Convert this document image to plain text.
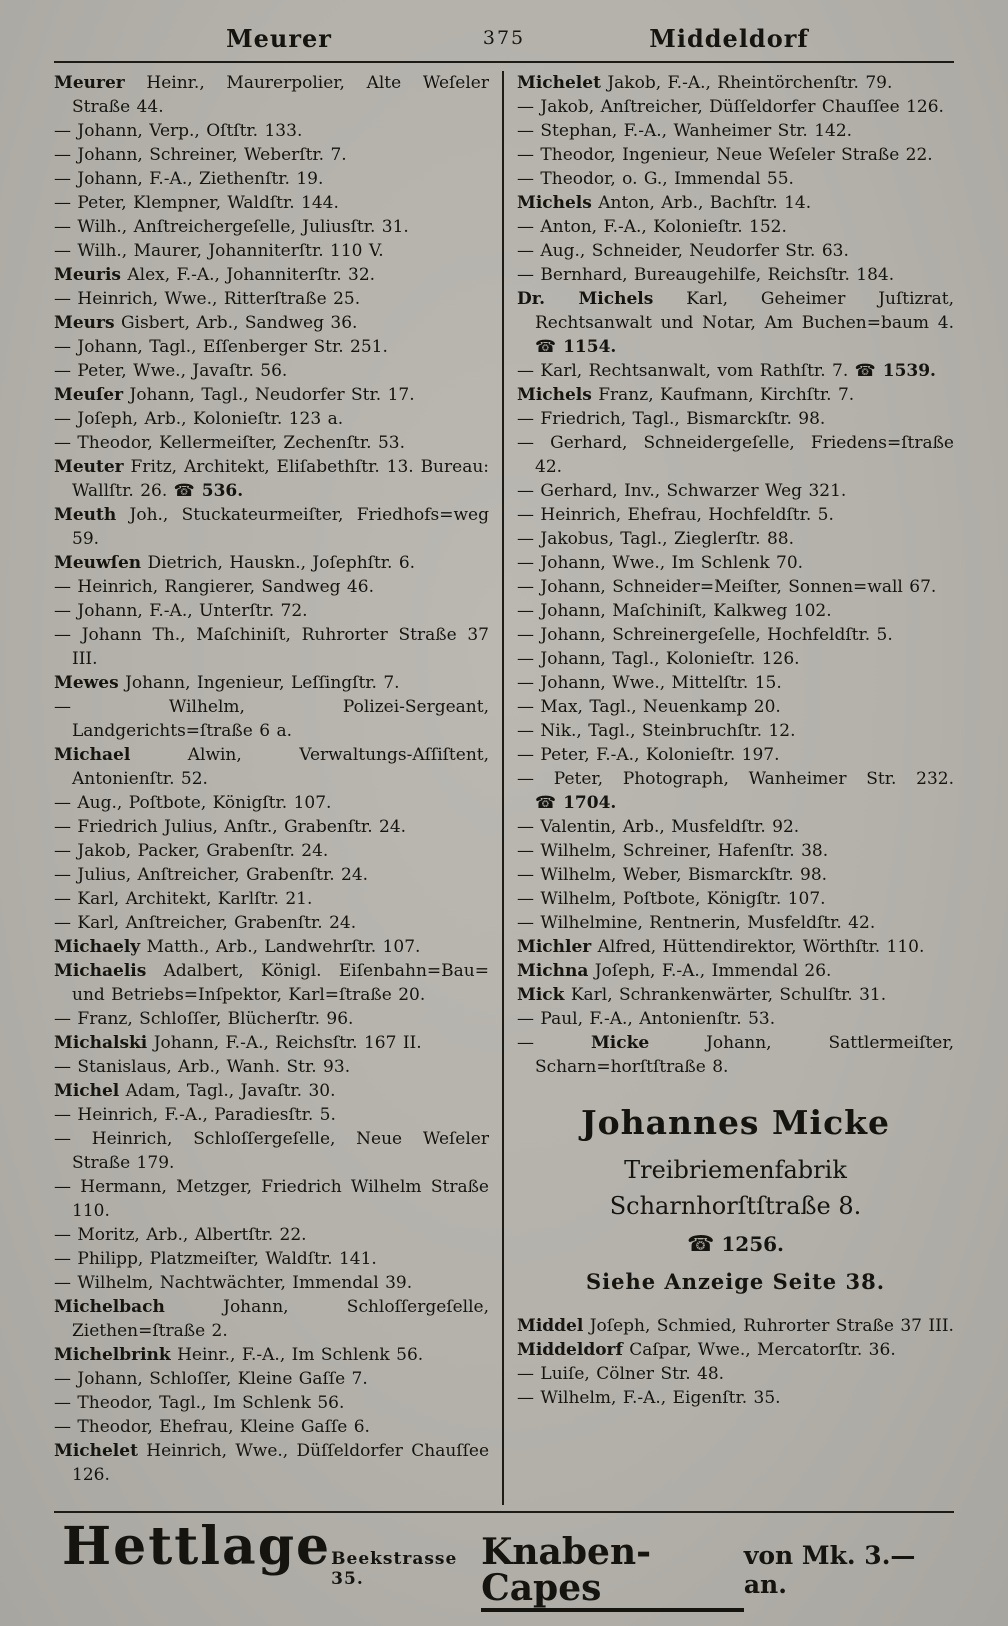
Meurer	Middeldorf
375

Meurer Heinr., Maurerpolier, Alte Weſeler Straße 44.

— Johann, Verp., Oſtſtr. 133.

— Johann, Schreiner, Weberſtr. 7.

— Johann, F.-A., Ziethenſtr. 19.

— Peter, Klempner, Waldſtr. 144.

— Wilh., Anſtreichergeſelle, Juliusſtr. 31.

— Wilh., Maurer, Johanniterſtr. 110 V.

Meuris Alex, F.-A., Johanniterſtr. 32.

— Heinrich, Wwe., Ritterſtraße 25.

Meurs Gisbert, Arb., Sandweg 36.

— Johann, Tagl., Eſſenberger Str. 251.

— Peter, Wwe., Javaſtr. 56.

Meuſer Johann, Tagl., Neudorfer Str. 17.

— Joſeph, Arb., Kolonieſtr. 123 a.

— Theodor, Kellermeiſter, Zechenſtr. 53.

Meuter Fritz, Architekt, Eliſabethſtr. 13. Bureau: Wallſtr. 26. ☎ 536.

Meuth Joh., Stuckateurmeiſter, Friedhofs=weg 59.

Meuwſen Dietrich, Hauskn., Joſephſtr. 6.

— Heinrich, Rangierer, Sandweg 46.

— Johann, F.-A., Unterſtr. 72.

— Johann Th., Maſchiniſt, Ruhrorter Straße 37 III.

Mewes Johann, Ingenieur, Leſſingſtr. 7.

— Wilhelm, Polizei-Sergeant, Landgerichts=ſtraße 6 a.

Michael	Alwin, Verwaltungs-Aſſiſtent, Antonienſtr. 52.

— Aug., Poſtbote, Königſtr. 107.

— Friedrich Julius, Anſtr., Grabenſtr. 24.

— Jakob, Packer, Grabenſtr. 24.

— Julius, Anſtreicher, Grabenſtr. 24.

— Karl, Architekt, Karlſtr. 21.

— Karl, Anſtreicher, Grabenſtr. 24.

Michaely Matth., Arb., Landwehrſtr. 107.

Michaelis Adalbert, Königl. Eiſenbahn=Bau= und Betriebs=Inſpektor, Karl=ſtraße 20.

— Franz, Schloſſer, Blücherſtr. 96.

Michalski Johann, F.-A., Reichsſtr. 167 II.

— Stanislaus, Arb., Wanh. Str. 93.

Michel Adam, Tagl., Javaſtr. 30.

— Heinrich, F.-A., Paradiesſtr. 5.

— Heinrich, Schloſſergeſelle, Neue Weſeler Straße 179.

— Hermann, Metzger, Friedrich Wilhelm Straße 110.

— Moritz, Arb., Albertſtr. 22.

— Philipp, Platzmeiſter, Waldſtr. 141.

— Wilhelm, Nachtwächter, Immendal 39.

Michelbach	Johann, Schloſſergeſelle, Ziethen=ſtraße 2.

Michelbrink Heinr., F.-A., Im Schlenk 56.

— Johann, Schloſſer, Kleine Gaſſe 7.

— Theodor, Tagl., Im Schlenk 56.

— Theodor, Ehefrau, Kleine Gaſſe 6.

Michelet Heinrich, Wwe., Düſſeldorfer Chauſſee 126.

Michelet Jakob, F.-A., Rheintörchenſtr. 79.

— Jakob, Anſtreicher, Düſſeldorfer Chauſſee 126.

— Stephan, F.-A., Wanheimer Str. 142.

— Theodor, Ingenieur, Neue Weſeler Straße 22.

— Theodor, o. G., Immendal 55.

Michels Anton, Arb., Bachſtr. 14.

— Anton, F.-A., Kolonieſtr. 152.

— Aug., Schneider, Neudorfer Str. 63.

— Bernhard, Bureaugehilfe, Reichsſtr. 184.

Dr. Michels Karl, Geheimer Juſtizrat, Rechtsanwalt und Notar, Am Buchen=baum 4. ☎ 1154.

— Karl, Rechtsanwalt, vom Rathſtr. 7. ☎ 1539.

Michels Franz, Kaufmann, Kirchſtr. 7.

— Friedrich, Tagl., Bismarckſtr. 98.

— Gerhard, Schneidergeſelle, Friedens=ſtraße 42.

— Gerhard, Inv., Schwarzer Weg 321.

— Heinrich, Ehefrau, Hochfeldſtr. 5.

— Jakobus, Tagl., Zieglerſtr. 88.

— Johann, Wwe., Im Schlenk 70.

— Johann, Schneider=Meiſter, Sonnen=wall 67.

— Johann, Maſchiniſt, Kalkweg 102.

— Johann, Schreinergeſelle, Hochfeldſtr. 5.

— Johann, Tagl., Kolonieſtr. 126.

— Johann, Wwe., Mittelſtr. 15.

— Max, Tagl., Neuenkamp 20.

— Nik., Tagl., Steinbruchſtr. 12.

— Peter, F.-A., Kolonieſtr. 197.

— Peter, Photograph, Wanheimer Str. 232. ☎ 1704.

— Valentin, Arb., Musfeldſtr. 92.

— Wilhelm, Schreiner, Hafenſtr. 38.

— Wilhelm, Weber, Bismarckſtr. 98.

— Wilhelm, Poſtbote, Königſtr. 107.

— Wilhelmine, Rentnerin, Musfeldſtr. 42.

Michler Alfred, Hüttendirektor, Wörthſtr. 110.

Michna Joſeph, F.-A., Immendal 26.

Mick Karl, Schrankenwärter, Schulſtr. 31.

— Paul, F.-A., Antonienſtr. 53.

— Micke	Johann, Sattlermeiſter, Scharn=horſtſtraße 8.

Johannes Micke
Treibriemenfabrik
Scharnhorſtſtraße 8.
☎ 1256.
Siehe Anzeige Seite 38.

Middel Joſeph, Schmied, Ruhrorter Straße 37 III.

Middeldorf Caſpar, Wwe., Mercatorſtr. 36.

— Luiſe, Cölner Str. 48.

— Wilhelm, F.-A., Eigenſtr. 35.

Hettlage Beekstrasse 35.
Knaben-Capes
von Mk. 3.— an.
